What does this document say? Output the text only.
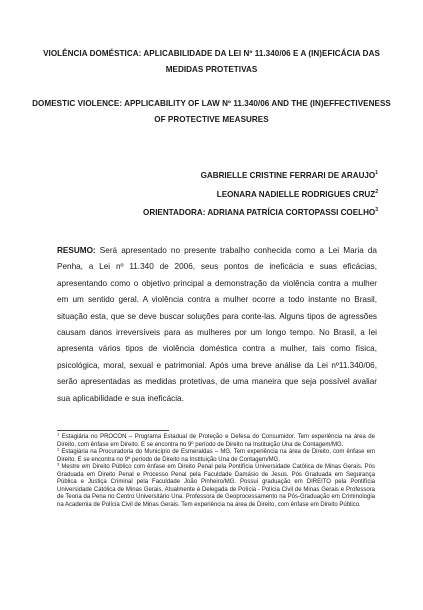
VIOLÊNCIA DOMÉSTICA: APLICABILIDADE DA LEI Nº 11.340/06 E A (IN)EFICÁCIA DAS MEDIDAS PROTETIVAS
DOMESTIC VIOLENCE: APPLICABILITY OF LAW Nº 11.340/06 AND THE (IN)EFFECTIVENESS OF PROTECTIVE MEASURES
GABRIELLE CRISTINE FERRARI DE ARAUJO$^1$
LEONARA NADIELLE RODRIGUES CRUZ$^2$
ORIENTADORA: ADRIANA PATRÍCIA CORTOPASSI COELHO$^3$

RESUMO: Será apresentado no presente trabalho conhecida como a Lei Maria da Penha, a Lei nº 11.340 de 2006, seus pontos de ineficácia e suas eficácias, apresentando como o objetivo principal a demonstração da violência contra a mulher em um sentido geral. A violência contra a mulher ocorre a todo instante no Brasil, situação esta, que se deve buscar soluções para conte-las. Alguns tipos de agressões causam danos irreversíveis para as mulheres por um longo tempo. No Brasil, a lei apresenta vários tipos de violência doméstica contra a mulher, tais como física, psicológica, moral, sexual e patrimonial. Após uma breve análise da Lei nº11.340/06, serão apresentadas as medidas protetivas, de uma maneira que seja possível avaliar sua aplicabilidade e sua ineficácia.

$^1$ Estagiária no PROCON – Programa Estadual de Proteção e Defesa do Consumidor. Tem experiência na área de Direito, com ênfase em Direito. E se encontra no 9º período de Direito na Instituição Una de Contagem/MG.

$^2$ Estagiária na Procuradoria do Município de Esmeraldas – MG. Tem experiência na área de Direito, com ênfase em Direito. E se encontra no 9º período de Direito na Instituição Una de Contagem/MG.

$^3$ Mestre em Direito Público com ênfase em Direito Penal pela Pontifícia Universidade Católica de Minas Gerais. Pós Graduada em Direito Penal e Processo Penal pela Faculdade Damásio de Jesus. Pós Graduada em Segurança Pública e Justiça Criminal pela Faculdade João Pinheiro/MG. Possui graduação em DIREITO pela Pontifícia Universidade Católica de Minas Gerais. Atualmente é Delegada de Polícia - Polícia Civil de Minas Gerais e Professora de Teoria da Pena no Centro Universitário Una. Professora de Geoprocessamento na Pós-Graduação em Criminologia na Academia de Polícia Civil de Minas Gerais. Tem experiência na área de Direito, com ênfase em Direito Público.
